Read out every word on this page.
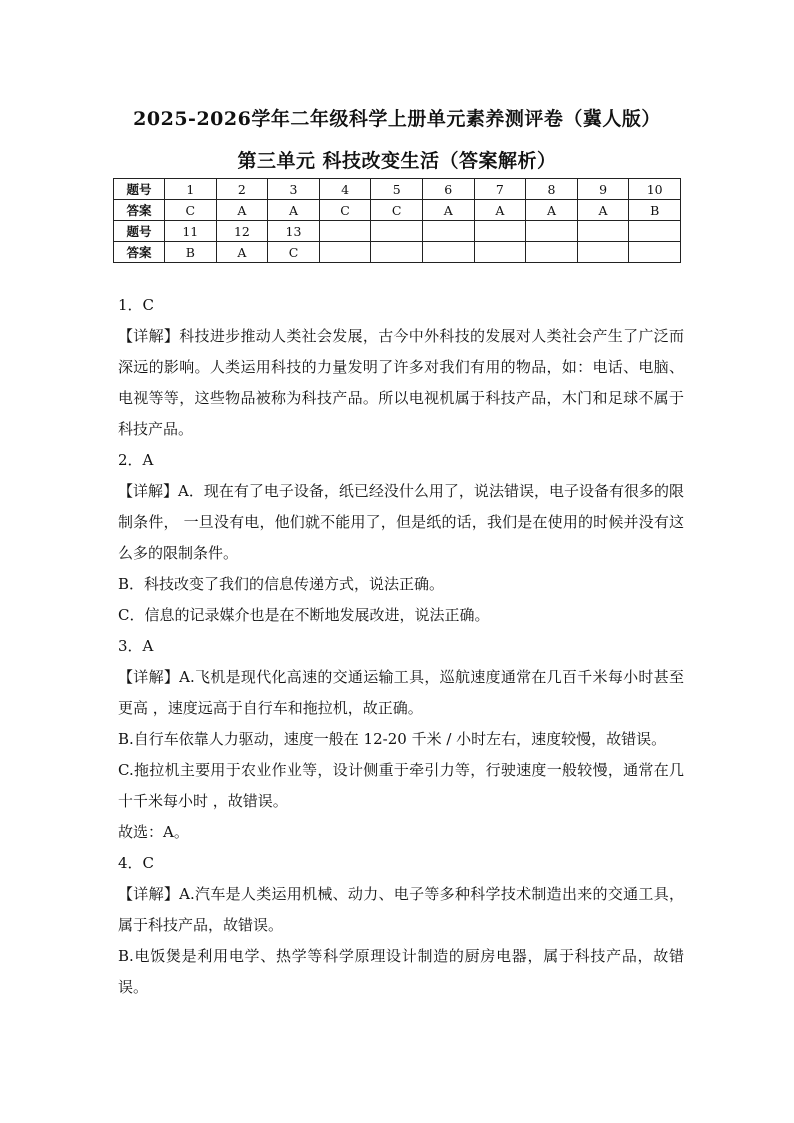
2025-2026学年二年级科学上册单元素养测评卷（冀人版）
第三单元 科技改变生活（答案解析）
题号	1	2	3	4	5	6	7	8	9	10
答案	C	A	A	C	C	A	A	A	A	B
题号	11	12	13							
答案	B	A	C							

1．C

【详解】科技进步推动人类社会发展，古今中外科技的发展对人类社会产生了广泛而深远的影响。人类运用科技的力量发明了许多对我们有用的物品，如：电话、电脑、电视等等，这些物品被称为科技产品。所以电视机属于科技产品，木门和足球不属于科技产品。

2．A

【详解】A．现在有了电子设备，纸已经没什么用了，说法错误，电子设备有很多的限制条件， 一旦没有电，他们就不能用了，但是纸的话，我们是在使用的时候并没有这么多的限制条件。

B．科技改变了我们的信息传递方式，说法正确。

C．信息的记录媒介也是在不断地发展改进，说法正确。

3．A

【详解】A.飞机是现代化高速的交通运输工具，巡航速度通常在几百千米每小时甚至更高 ，速度远高于自行车和拖拉机，故正确。

B.自行车依靠人力驱动，速度一般在 12-20 千米 / 小时左右，速度较慢，故错误。

C.拖拉机主要用于农业作业等，设计侧重于牵引力等，行驶速度一般较慢，通常在几十千米每小时 ，故错误。

故选：A。

4．C

【详解】A.汽车是人类运用机械、动力、电子等多种科学技术制造出来的交通工具，属于科技产品，故错误。

B.电饭煲是利用电学、热学等科学原理设计制造的厨房电器，属于科技产品，故错误。
